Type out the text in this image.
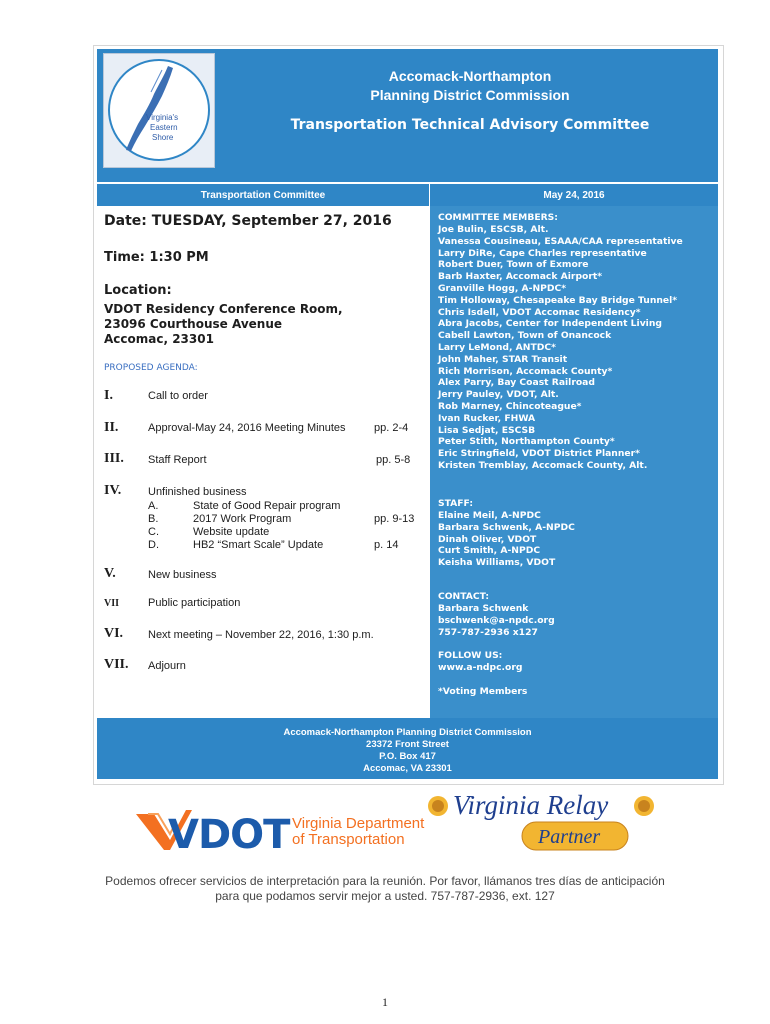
Virginia's
Eastern
Shore
Accomack-Northampton
Planning District Commission
Transportation Technical Advisory Committee
Transportation Committee	May 24, 2016
Date: TUESDAY, September 27, 2016
Time: 1:30 PM
Location:
VDOT Residency Conference Room,
23096 Courthouse Avenue
Accomac, 23301
PROPOSED AGENDA:
I.	Call to order
II.	Approval-May 24, 2016 Meeting Minutes	pp. 2-4
III. Staff Report	pp. 5-8
IV. Unfinished business
A.	State of Good Repair program
B.	2017 Work Program	pp. 9-13
C.	Website update
D.	HB2 “Smart Scale” Update	p. 14
V.	New business
VII	Public participation
VI. Next meeting – November 22, 2016, 1:30 p.m.
VII. Adjourn
COMMITTEE MEMBERS:
Joe Bulin, ESCSB, Alt.
Vanessa Cousineau, ESAAA/CAA representative
Larry DiRe, Cape Charles representative
Robert Duer, Town of Exmore
Barb Haxter, Accomack Airport*
Granville Hogg, A-NPDC*
Tim Holloway, Chesapeake Bay Bridge Tunnel*
Chris Isdell, VDOT Accomac Residency*
Abra Jacobs, Center for Independent Living
Cabell Lawton, Town of Onancock
Larry LeMond, ANTDC*
John Maher, STAR Transit
Rich Morrison, Accomack County*
Alex Parry, Bay Coast Railroad
Jerry Pauley, VDOT, Alt.
Rob Marney, Chincoteague*
Ivan Rucker, FHWA
Lisa Sedjat, ESCSB
Peter Stith, Northampton County*
Eric Stringfield, VDOT District Planner*
Kristen Tremblay, Accomack County, Alt.
STAFF:
Elaine Meil, A-NPDC
Barbara Schwenk, A-NPDC
Dinah Oliver, VDOT
Curt Smith, A-NPDC
Keisha Williams, VDOT
CONTACT:
Barbara Schwenk
bschwenk@a-npdc.org
757-787-2936 x127
FOLLOW US:
www.a-ndpc.org
*Voting Members
Accomack-Northampton Planning District Commission
23372 Front Street
P.O. Box 417
Accomac, VA 23301
VDOT Virginia Department
of Transportation
Virginia Relay
Partner
Podemos ofrecer servicios de interpretación para la reunión. Por favor, llámanos tres días de anticipación
para que podamos servir mejor a usted. 757-787-2936, ext. 127
1
